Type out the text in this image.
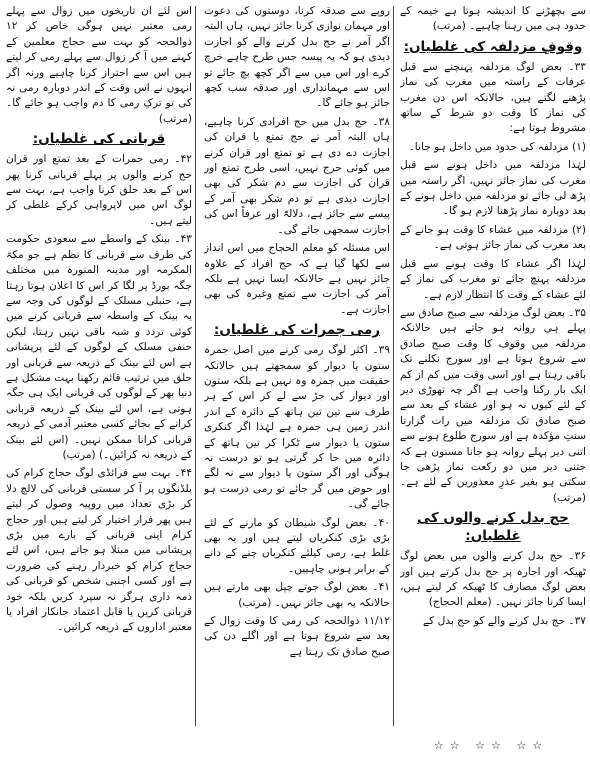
سے بچھڑنے کا اندیشہ ہوتا ہے خیمہ کے حدود ہی میں رہنا چاہیے۔ (مرتب)

وقوفِ مزدلفہ کی غلطیاں:

۳۳۔ بعض لوگ مزدلفہ پہنچنے سے قبل عرفات کے راستہ میں مغرب کی نماز پڑھنے لگتے ہیں، حالانکہ اس دن مغرب کی نماز کا وقت دو شرط کے ساتھ مشروط ہوتا ہے:

(۱) مزدلفہ کی حدود میں داخل ہو جانا۔

لہٰذا مزدلفہ میں داخل ہونے سے قبل مغرب کی نماز جائز نہیں، اگر راستہ میں پڑھ لی جائے تو مزدلفہ میں داخل ہونے کے بعد دوبارہ نماز پڑھنا لازم ہو گا۔

(۲) مزدلفہ میں عشاء کا وقت ہو جانے کے بعد مغرب کی نماز جائز ہوتی ہے۔

لہٰذا اگر عشاء کا وقت ہونے سے قبل مزدلفہ پہنچ جائے تو مغرب کی نماز کے لئے عشاء کے وقت کا انتظار لازم ہے۔

۳۵۔ بعض لوگ مزدلفہ سے صبح صادق سے پہلے ہی روانہ ہو جاتے ہیں حالانکہ مزدلفہ میں وقوف کا وقت صبح صادق سے شروع ہوتا ہے اور سورج نکلنے تک باقی رہتا ہے اور اسی وقت میں کم از کم ایک بار رکنا واجب ہے اگر چہ تھوڑی دیر کے لئے کیوں نہ ہو اور عشاء کے بعد سے صبح صادق تک مزدلفہ میں رات گزارنا سنتِ مؤکدہ ہے اور سورج طلوع ہونے سے اتنی دیر پہلے روانہ ہو جانا مسنون ہے کہ جتنی دیر میں دو رکعت نماز پڑھی جا سکتی ہو بغیر عذرِ معذورین کے لئے ہے۔ (مرتب)

حج بدل کرنے والوں کی غلطیاں:

۳۶۔ حج بدل کرنے والوں میں بعض لوگ ٹھیکہ اور اجارہ پر حج بدل کرتے ہیں اور بعض لوگ مصارف کا ٹھیکہ کر لیتے ہیں، ایسا کرنا جائز نہیں۔ (معلم الحجاج)

۳۷۔ حج بدل کرنے والے کو حج بدل کے

روپے سے صدقہ کرنا، دوستوں کی دعوت اور مہمان نوازی کرنا جائز نہیں، ہاں البتہ اگر آمر نے حج بدل کرنے والے کو اجازت دیدی ہو کہ یہ پیسہ جس طرح چاہے خرچ کرے اور اس میں سے اگر کچھ بچ جائے تو اس سے مہمانداری اور صدقہ سب کچھ جائز ہو جائے گا۔

۳۸۔ حج بدل میں حج افرادی کرنا چاہیے، ہاں البتہ آمر نے حج تمتع یا قران کی اجازت دے دی ہے تو تمتع اور قران کرنے میں کوئی حرج نہیں، اسی طرح تمتع اور قران کی اجازت سے دم شکر کی بھی اجازت دیدی ہے تو دم شکر بھی آمر کے پیسے سے جائز ہے، دلالۃً اور عرفاً اس کی اجازت سمجھی جائے گی۔

اس مسئلہ کو معلم الحجاج میں اس انداز سے لکھا گیا ہے کہ حج افراد کے علاوہ جائز نہیں ہے حالانکہ ایسا نہیں ہے بلکہ آمر کی اجازت سے تمتع وغیرہ کی بھی اجازت ہے۔

رمی جمرات کی غلطیاں:

۳۹۔ اکثر لوگ رمی کرنے میں اصل جمرہ ستون یا دیوار کو سمجھتے ہیں حالانکہ حقیقت میں جمرہ وہ نہیں ہے بلکہ ستون اور دیوار کی جڑ سے لے کر اس کے ہر طرف سے تین تین ہاتھ کے دائرہ کے اندر اندر زمین ہی جمرہ ہے لہٰذا اگر کنکری ستون یا دیوار سے ٹکرا کر تین ہاتھ کے دائرہ میں جا کر گرتی ہو تو درست نہ ہوگی اور اگر ستون یا دیوار سے نہ لگے اور حوض میں گر جائے تو رمی درست ہو جائے گی۔

۴۰۔ بعض لوگ شیطان کو مارنے کے لئے بڑی بڑی کنکریاں لیتے ہیں اور یہ بھی غلط ہے، رمی کیلئے کنکریاں چنے کے دانے کے برابر ہونی چاہییں۔

۴۱۔ بعض لوگ جوتے چپل بھی مارتے ہیں حالانکہ یہ بھی جائز نہیں۔ (مرتب)

۱۱/۱۲ ذوالحجہ کی رمی کا وقت زوال کے بعد سے شروع ہوتا ہے اور اگلے دن کی صبح صادق تک رہتا ہے

اس لئے ان تاریخوں میں زوال سے پہلے رمی معتبر نہیں ہوگی خاص کر ۱۲ ذوالحجہ کو بہت سے حجاج معلمین کے کہنے میں آ کر زوال سے پہلے رمی کر لیتے ہیں اس سے احتراز کرنا چاہیے ورنہ اگر انہوں نے اس وقت کے اندر دوبارہ رمی نہ کی تو ترکِ رمی کا دم واجب ہو جائے گا۔ (مرتب)

قربانی کی غلطیاں:

۴۲۔ رمی جمرات کے بعد تمتع اور قران حج کرنے والوں پر پہلے قربانی کرنا پھر اس کے بعد حلق کرنا واجب ہے، بہت سے لوگ اس میں لاپرواہی کرکے غلطی کر لیتے ہیں۔

۴۳۔ بینک کے واسطے سے سعودی حکومت کی طرف سے قربانی کا نظم ہے جو مکۃ المکرمہ اور مدینہ المنورہ میں مختلف جگہ بورڈ پر لگا کر اس کا اعلان ہوتا رہتا ہے، حنبلی مسلک کے لوگوں کی وجہ سے یہ بینک کے واسطہ سے قربانی کرنے میں کوئی تردد و شبہ باقی نہیں رہتا، لیکن حنفی مسلک کے لوگوں کے لئے پریشانی ہے اس لئے بینک کے ذریعہ سے قربانی اور حلق میں ترتیب قائم رکھنا بہت مشکل ہے دنیا بھر کے لوگوں کی قربانی ایک ہی جگہ ہوتی ہے، اس لئے بینک کے ذریعہ قربانی کرانے کے بجائے کسی معتبر آدمی کے ذریعہ قربانی کرانا ممکن نہیں۔ (اس لئے بینک کے ذریعہ نہ کرائیں۔) (مرتب)

۴۴۔ بہت سے فرائڈی لوگ حجاج کرام کی بلڈنگوں پر آ کر سستی قربانی کی لالچ دلا کر بڑی تعداد میں روپیہ وصول کر لیتے ہیں پھر فرار اختیار کر لیتے ہیں اور حجاج کرام اپنی قربانی کے بارے میں بڑی پریشانی میں مبتلا ہو جاتے ہیں، اس لئے حجاج کرام کو خبردار رہنے کی ضرورت ہے اور کسی اجنبی شخص کو قربانی کی ذمہ داری ہرگز نہ سپرد کریں بلکہ خود قربانی کریں یا قابل اعتماد جانکار افراد یا معتبر اداروں کے ذریعہ کرائیں۔

☆☆ ☆☆ ☆☆
